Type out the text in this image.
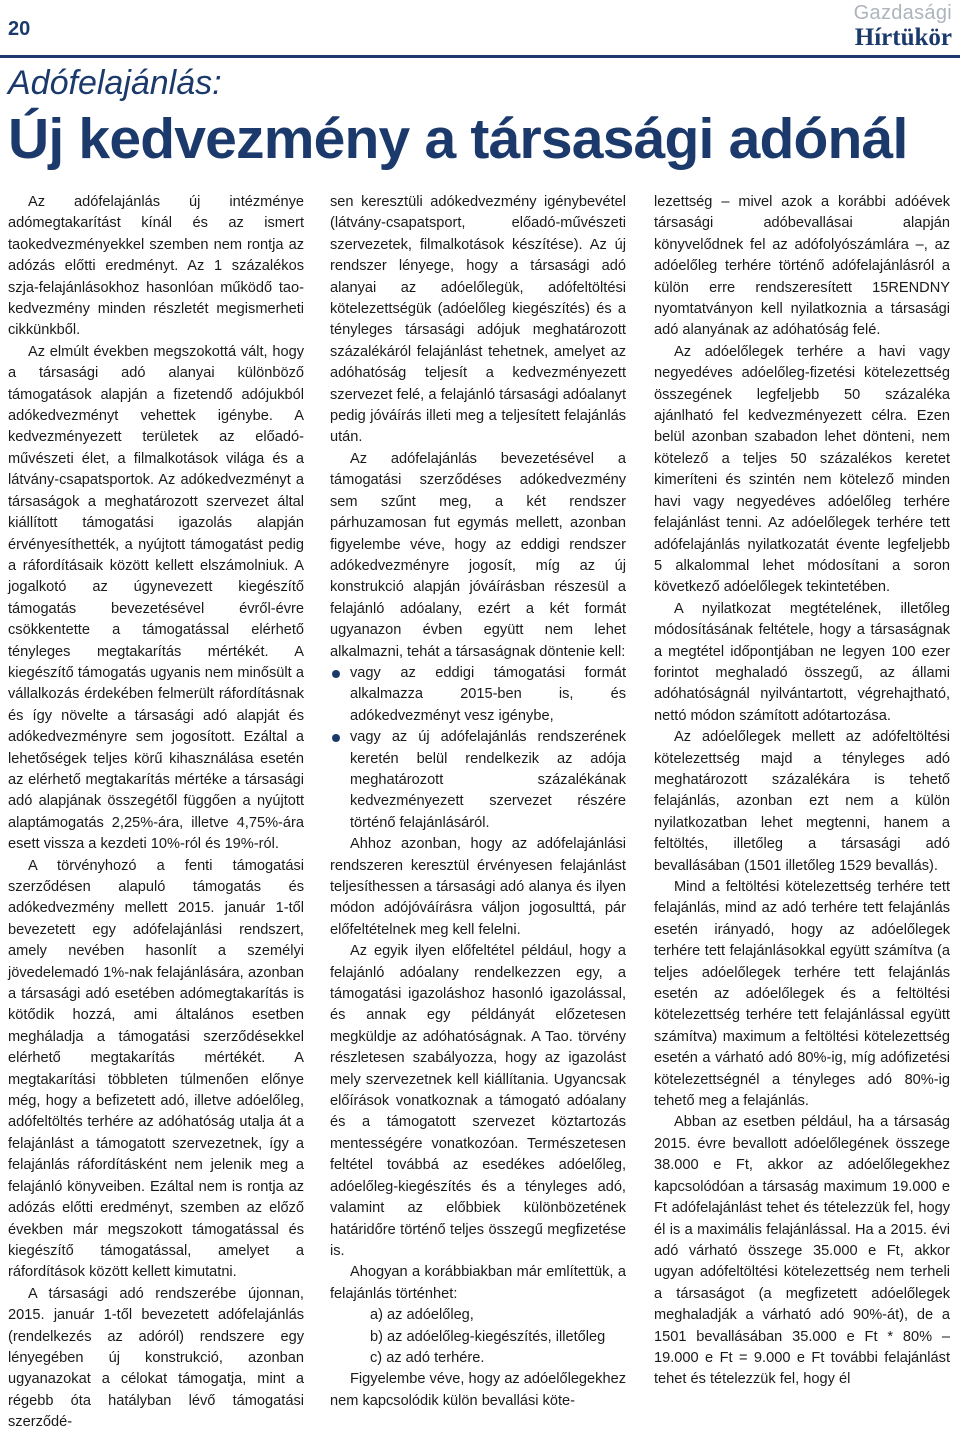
20
Gazdasági
Hírtükör
Adófelajánlás:
Új kedvezmény a társasági adónál

Az adófelajánlás új intézménye adómegtakarítást kínál és az ismert taokedvezményekkel szemben nem rontja az adózás előtti eredményt. Az 1 százalékos szja-felajánlásokhoz hasonlóan működő tao-kedvezmény minden részletét megismerheti cikkünkből.

Az elmúlt években megszokottá vált, hogy a társasági adó alanyai különböző támogatások alapján a fizetendő adójukból adókedvezményt vehettek igénybe. A kedvezményezett területek az előadó-művészeti élet, a filmalkotások világa és a látvány-csapatsportok. Az adókedvezményt a társaságok a meghatározott szervezet által kiállított támogatási igazolás alapján érvényesíthették, a nyújtott támogatást pedig a ráfordításaik között kellett elszámolniuk. A jogalkotó az úgynevezett kiegészítő támogatás bevezetésével évről-évre csökkentette a támogatással elérhető tényleges megtakarítás mértékét. A kiegészítő támogatás ugyanis nem minősült a vállalkozás érdekében felmerült ráfordításnak és így növelte a társasági adó alapját és adókedvezményre sem jogosított. Ezáltal a lehetőségek teljes körű kihasználása esetén az elérhető megtakarítás mértéke a társasági adó alapjának összegétől függően a nyújtott alaptámogatás 2,25%-ára, illetve 4,75%-ára esett vissza a kezdeti 10%-ról és 19%-ról.

A törvényhozó a fenti támogatási szerződésen alapuló támogatás és adókedvezmény mellett 2015. január 1-től bevezetett egy adófelajánlási rendszert, amely nevében hasonlít a személyi jövedelemadó 1%-nak felajánlására, azonban a társasági adó esetében adómegtakarítás is kötődik hozzá, ami általános esetben megháladja a támogatási szerződésekkel elérhető megtakarítás mértékét. A megtakarítási többleten túlmenően előnye még, hogy a befizetett adó, illetve adóelőleg, adófeltöltés terhére az adóhatóság utalja át a felajánlást a támogatott szervezetnek, így a felajánlás ráfordításként nem jelenik meg a felajánló könyveiben. Ezáltal nem is rontja az adózás előtti eredményt, szemben az előző években már megszokott támogatással és kiegészítő támogatással, amelyet a ráfordítások között kellett kimutatni.

A társasági adó rendszerébe újonnan, 2015. január 1-től bevezetett adófelajánlás (rendelkezés az adóról) rendszere egy lényegében új konstrukció, azonban ugyanazokat a célokat támogatja, mint a régebb óta hatályban lévő támogatási szerződé-

sen keresztüli adókedvezmény igénybevétel (látvány-csapatsport, előadó-művészeti szervezetek, filmalkotások készítése). Az új rendszer lényege, hogy a társasági adó alanyai az adóelőlegük, adófeltöltési kötelezettségük (adóelőleg kiegészítés) és a tényleges társasági adójuk meghatározott százalékáról felajánlást tehetnek, amelyet az adóhatóság teljesít a kedvezményezett szervezet felé, a felajánló társasági adóalanyt pedig jóváírás illeti meg a teljesített felajánlás után.

Az adófelajánlás bevezetésével a támogatási szerződéses adókedvezmény sem szűnt meg, a két rendszer párhuzamosan fut egymás mellett, azonban figyelembe véve, hogy az eddigi rendszer adókedvezményre jogosít, míg az új konstrukció alapján jóváírásban részesül a felajánló adóalany, ezért a két formát ugyanazon évben együtt nem lehet alkalmazni, tehát a társaságnak döntenie kell:

vagy az eddigi támogatási formát alkalmazza 2015-ben is, és adókedvezményt vesz igénybe,
vagy az új adófelajánlás rendszerének keretén belül rendelkezik az adója meghatározott százalékának kedvezményezett szervezet részére történő felajánlásáról.

Ahhoz azonban, hogy az adófelajánlási rendszeren keresztül érvényesen felajánlást teljesíthessen a társasági adó alanya és ilyen módon adójóváírásra váljon jogosulttá, pár előfeltételnek meg kell felelni.

Az egyik ilyen előfeltétel például, hogy a felajánló adóalany rendelkezzen egy, a támogatási igazoláshoz hasonló igazolással, és annak egy példányát előzetesen megküldje az adóhatóságnak. A Tao. törvény részletesen szabályozza, hogy az igazolást mely szervezetnek kell kiállítania. Ugyancsak előírások vonatkoznak a támogató adóalany és a támogatott szervezet köztartozás mentességére vonatkozóan. Természetesen feltétel továbbá az esedékes adóelőleg, adóelőleg-kiegészítés és a tényleges adó, valamint az előbbiek különbözetének határidőre történő teljes összegű megfizetése is.

Ahogyan a korábbiakban már említettük, a felajánlás történhet:

a) az adóelőleg,

b) az adóelőleg-kiegészítés, illetőleg

c) az adó terhére.

Figyelembe véve, hogy az adóelőlegekhez nem kapcsolódik külön bevallási köte-

lezettség – mivel azok a korábbi adóévek társasági adóbevallásai alapján könyvelődnek fel az adófolyószámlára –, az adóelőleg terhére történő adófelajánlásról a külön erre rendszeresített 15RENDNY nyomtatványon kell nyilatkoznia a társasági adó alanyának az adóhatóság felé.

Az adóelőlegek terhére a havi vagy negyedéves adóelőleg-fizetési kötelezettség összegének legfeljebb 50 százaléka ajánlható fel kedvezményezett célra. Ezen belül azonban szabadon lehet dönteni, nem kötelező a teljes 50 százalékos keretet kimeríteni és szintén nem kötelező minden havi vagy negyedéves adóelőleg terhére felajánlást tenni. Az adóelőlegek terhére tett adófelajánlás nyilatkozatát évente legfeljebb 5 alkalommal lehet módosítani a soron következő adóelőlegek tekintetében.

A nyilatkozat megtételének, illetőleg módosításának feltétele, hogy a társaságnak a megtétel időpontjában ne legyen 100 ezer forintot meghaladó összegű, az állami adóhatóságnál nyilvántartott, végrehajtható, nettó módon számított adótartozása.

Az adóelőlegek mellett az adófeltöltési kötelezettség majd a tényleges adó meghatározott százalékára is tehető felajánlás, azonban ezt nem a külön nyilatkozatban lehet megtenni, hanem a feltöltés, illetőleg a társasági adó bevallásában (1501 illetőleg 1529 bevallás).

Mind a feltöltési kötelezettség terhére tett felajánlás, mind az adó terhére tett felajánlás esetén irányadó, hogy az adóelőlegek terhére tett felajánlásokkal együtt számítva (a teljes adóelőlegek terhére tett felajánlás esetén az adóelőlegek és a feltöltési kötelezettség terhére tett felajánlással együtt számítva) maximum a feltöltési kötelezettség esetén a várható adó 80%-ig, míg adófizetési kötelezettségnél a tényleges adó 80%-ig tehető meg a felajánlás.

Abban az esetben például, ha a társaság 2015. évre bevallott adóelőlegének összege 38.000 e Ft, akkor az adóelőlegekhez kapcsolódóan a társaság maximum 19.000 e Ft adófelajánlást tehet és tételezzük fel, hogy él is a maximális felajánlással. Ha a 2015. évi adó várható összege 35.000 e Ft, akkor ugyan adófeltöltési kötelezettség nem terheli a társaságot (a megfizetett adóelőlegek meghaladják a várható adó 90%-át), de a 1501 bevallásában 35.000 e Ft * 80% – 19.000 e Ft = 9.000 e Ft további felajánlást tehet és tételezzük fel, hogy él
